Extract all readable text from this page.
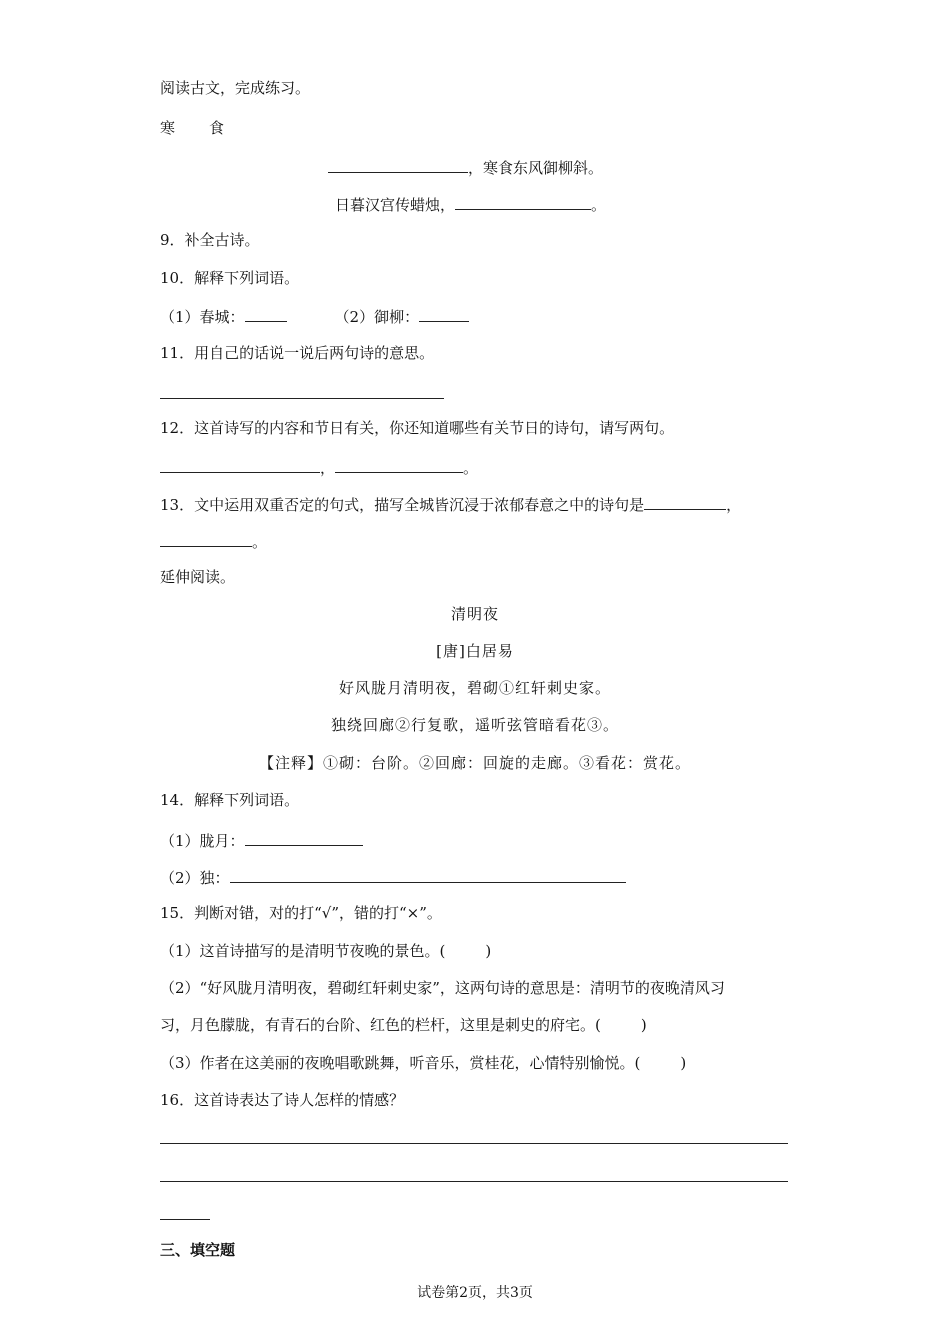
阅读古文，完成练习。
寒 食
，寒食东风御柳斜。
日暮汉宫传蜡烛，	。
9．补全古诗。
10．解释下列词语。
（1）春城：	（2）御柳：
11．用自己的话说一说后两句诗的意思。
12．这首诗写的内容和节日有关，你还知道哪些有关节日的诗句，请写两句。
，	。
13．文中运用双重否定的句式，描写全城皆沉浸于浓郁春意之中的诗句是	，
。
延伸阅读。
清明夜
[唐]白居易
好风胧月清明夜，碧砌①红轩刺史家。
独绕回廊②行复歌，遥听弦管暗看花③。
【注释】①砌：台阶。②回廊：回旋的走廊。③看花：赏花。
14．解释下列词语。
（1）胧月：
（2）独：
15．判断对错，对的打“√”，错的打“×”。
（1）这首诗描写的是清明节夜晚的景色。(	)
（2）“好风胧月清明夜，碧砌红轩刺史家”，这两句诗的意思是：清明节的夜晚清风习
习，月色朦胧，有青石的台阶、红色的栏杆，这里是刺史的府宅。(	)
（3）作者在这美丽的夜晚唱歌跳舞，听音乐，赏桂花，心情特别愉悦。(	)
16．这首诗表达了诗人怎样的情感？
三、填空题
试卷第2页，共3页
